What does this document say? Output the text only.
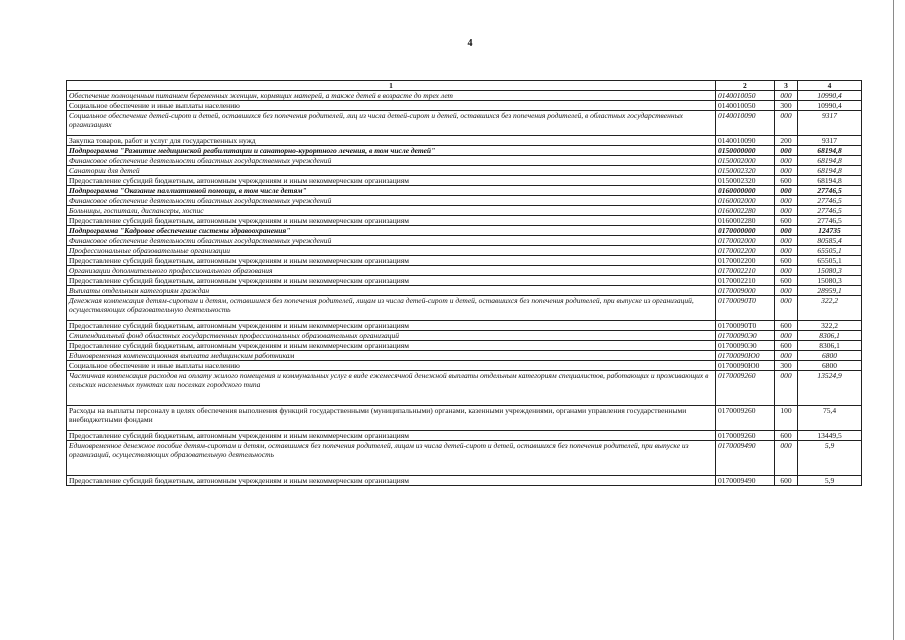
4
1	2	3	4
Обеспечение полноценным питанием беременных женщин, кормящих матерей, а также детей в возрасте до трех лет	0140010050	000	10990,4
Социальное обеспечение и иные выплаты населению	0140010050	300	10990,4
Социальное обеспечение детей-сирот и детей, оставшихся без попечения родителей, лиц из числа детей-сирот и детей, оставшихся без попечения родителей, в областных государственных организациях	0140010090	000	9317
Закупка товаров, работ и услуг для государственных нужд	0140010090	200	9317
Подпрограмма "Развитие медицинской реабилитации и санаторно-курортного лечения, в том числе детей"	0150000000	000	68194,8
Финансовое обеспечение деятельности областных государственных учреждений	0150002000	000	68194,8
Санатории для детей	0150002320	000	68194,8
Предоставление субсидий бюджетным, автономным учреждениям и иным некоммерческим организациям	0150002320	600	68194,8
Подпрограмма "Оказание паллиативной помощи, в том числе детям"	0160000000	000	27746,5
Финансовое обеспечение деятельности областных государственных учреждений	0160002000	000	27746,5
Больницы, госпитали, диспансеры, хоспис	0160002280	000	27746,5
Предоставление субсидий бюджетным, автономным учреждениям и иным некоммерческим организациям	0160002280	600	27746,5
Подпрограмма "Кадровое обеспечение системы здравоохранения"	0170000000	000	124735
Финансовое обеспечение деятельности областных государственных учреждений	0170002000	000	80585,4
Профессиональные образовательные организации	0170002200	000	65505,1
Предоставление субсидий бюджетным, автономным учреждениям и иным некоммерческим организациям	0170002200	600	65505,1
Организации дополнительного профессионального образования	0170002210	000	15080,3
Предоставление субсидий бюджетным, автономным учреждениям и иным некоммерческим организациям	0170002210	600	15080,3
Выплаты отдельным категориям граждан	0170009000	000	28959,1
Денежная компенсация детям-сиротам и детям, оставшимся без попечения родителей, лицам из числа детей-сирот и детей, оставшихся без попечения родителей, при выпуске из организаций, осуществляющих образовательную деятельность	01700090Т0	000	322,2
Предоставление субсидий бюджетным, автономным учреждениям и иным некоммерческим организациям	01700090Т0	600	322,2
Стипендиальный фонд областных государственных профессиональных образовательных организаций	01700090Э0	000	8306,1
Предоставление субсидий бюджетным, автономным учреждениям и иным некоммерческим организациям	01700090Э0	600	8306,1
Единовременная компенсационная выплата медицинским работникам	01700090Ю0	000	6800
Социальное обеспечение и иные выплаты населению	01700090Ю0	300	6800
Частичная компенсация расходов на оплату жилого помещения и коммунальных услуг в виде ежемесячной денежной выплаты отдельным категориям специалистов, работающих и проживающих в сельских населенных пунктах или поселках городского типа	0170009260	000	13524,9
Расходы на выплаты персоналу в целях обеспечения выполнения функций государственными (муниципальными) органами, казенными учреждениями, органами управления государственными внебюджетными фондами	0170009260	100	75,4
Предоставление субсидий бюджетным, автономным учреждениям и иным некоммерческим организациям	0170009260	600	13449,5
Единовременное денежное пособие детям-сиротам и детям, оставшимся без попечения родителей, лицам из числа детей-сирот и детей, оставшихся без попечения родителей, при выпуске из организаций, осуществляющих образовательную деятельность	0170009490	000	5,9
Предоставление субсидий бюджетным, автономным учреждениям и иным некоммерческим организациям	0170009490	600	5,9
